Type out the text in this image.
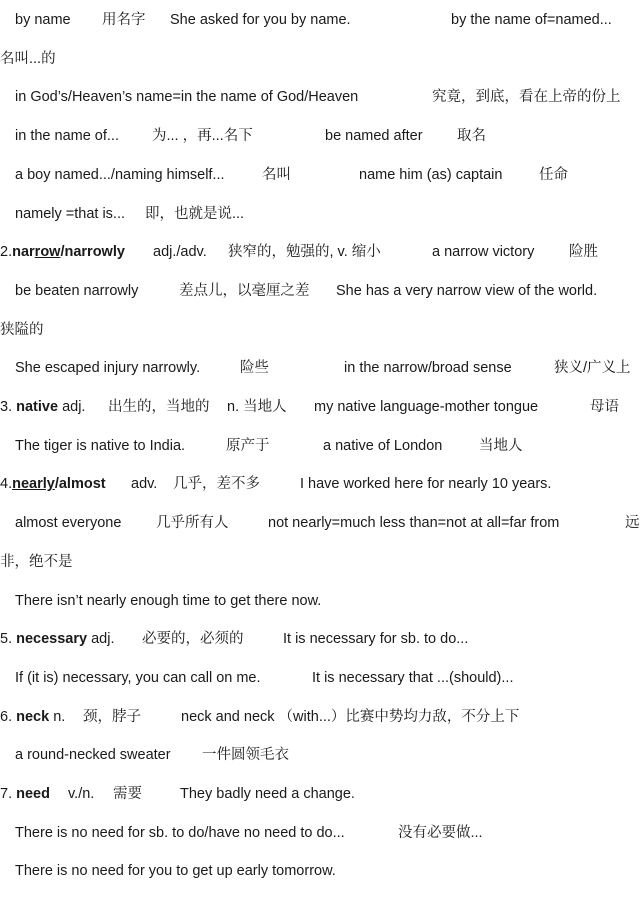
by name 用名字 She asked for you by name.	by the name of=named...
名叫...的
in God’s/Heaven’s name=in the name of God/Heaven	究竟，到底，看在上帝的份上
in the name of... 为... ，再...名下	be named after 取名
a boy named.../naming himself...	名叫	name him (as) captain	任命
namely =that is... 即，也就是说...
2.narrow/narrowly adj./adv. 狭窄的，勉强的, v. 缩小	a narrow victory 险胜
be beaten narrowly	差点儿，以毫厘之差 She has a very narrow view of the world.
狭隘的
She escaped injury narrowly.	险些	in the narrow/broad sense	狭义/广义上
3. native adj. 出生的，当地的 n. 当地人 my native language-mother tongue	母语
The tiger is native to India.	原产于	a native of London	当地人
4.nearly/almost adv. 几乎，差不多	I have worked here for nearly 10 years.
almost everyone 几乎所有人	not nearly=much less than=not at all=far from	远
非，绝不是
There isn’t nearly enough time to get there now.
5. necessary adj. 必要的，必须的	It is necessary for sb. to do...
If (it is) necessary, you can call on me.	It is necessary that ...(should)...
6. neck n. 颈，脖子	neck and neck （with...）比赛中势均力敌，不分上下
a round-necked sweater 一件圆领毛衣
7. need v./n. 需要	They badly need a change.
There is no need for sb. to do/have no need to do...	没有必要做...
There is no need for you to get up early tomorrow.
